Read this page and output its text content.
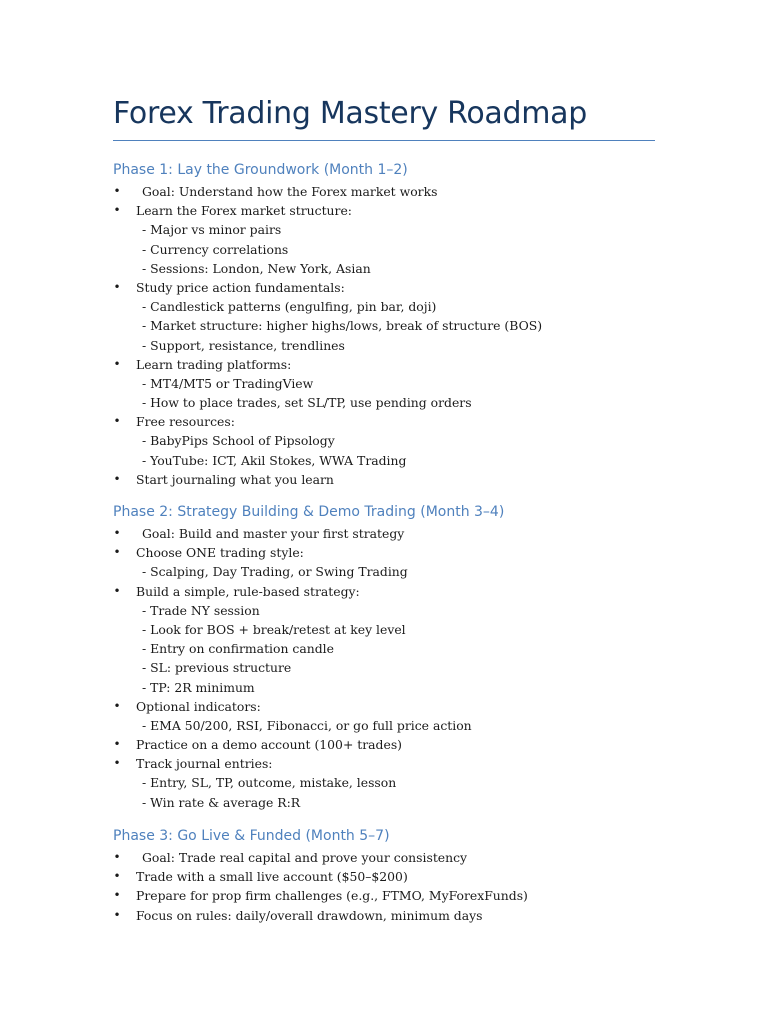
Forex Trading Mastery Roadmap
Phase 1: Lay the Groundwork (Month 1–2)
• Goal: Understand how the Forex market works
• Learn the Forex market structure:
- Major vs minor pairs
- Currency correlations
- Sessions: London, New York, Asian
• Study price action fundamentals:
- Candlestick patterns (engulfing, pin bar, doji)
- Market structure: higher highs/lows, break of structure (BOS)
- Support, resistance, trendlines
• Learn trading platforms:
- MT4/MT5 or TradingView
- How to place trades, set SL/TP, use pending orders
• Free resources:
- BabyPips School of Pipsology
- YouTube: ICT, Akil Stokes, WWA Trading
• Start journaling what you learn
Phase 2: Strategy Building & Demo Trading (Month 3–4)
• Goal: Build and master your first strategy
• Choose ONE trading style:
- Scalping, Day Trading, or Swing Trading
• Build a simple, rule-based strategy:
- Trade NY session
- Look for BOS + break/retest at key level
- Entry on confirmation candle
- SL: previous structure
- TP: 2R minimum
• Optional indicators:
- EMA 50/200, RSI, Fibonacci, or go full price action
• Practice on a demo account (100+ trades)
• Track journal entries:
- Entry, SL, TP, outcome, mistake, lesson
- Win rate & average R:R
Phase 3: Go Live & Funded (Month 5–7)
• Goal: Trade real capital and prove your consistency
• Trade with a small live account ($50–$200)
• Prepare for prop firm challenges (e.g., FTMO, MyForexFunds)
• Focus on rules: daily/overall drawdown, minimum days
